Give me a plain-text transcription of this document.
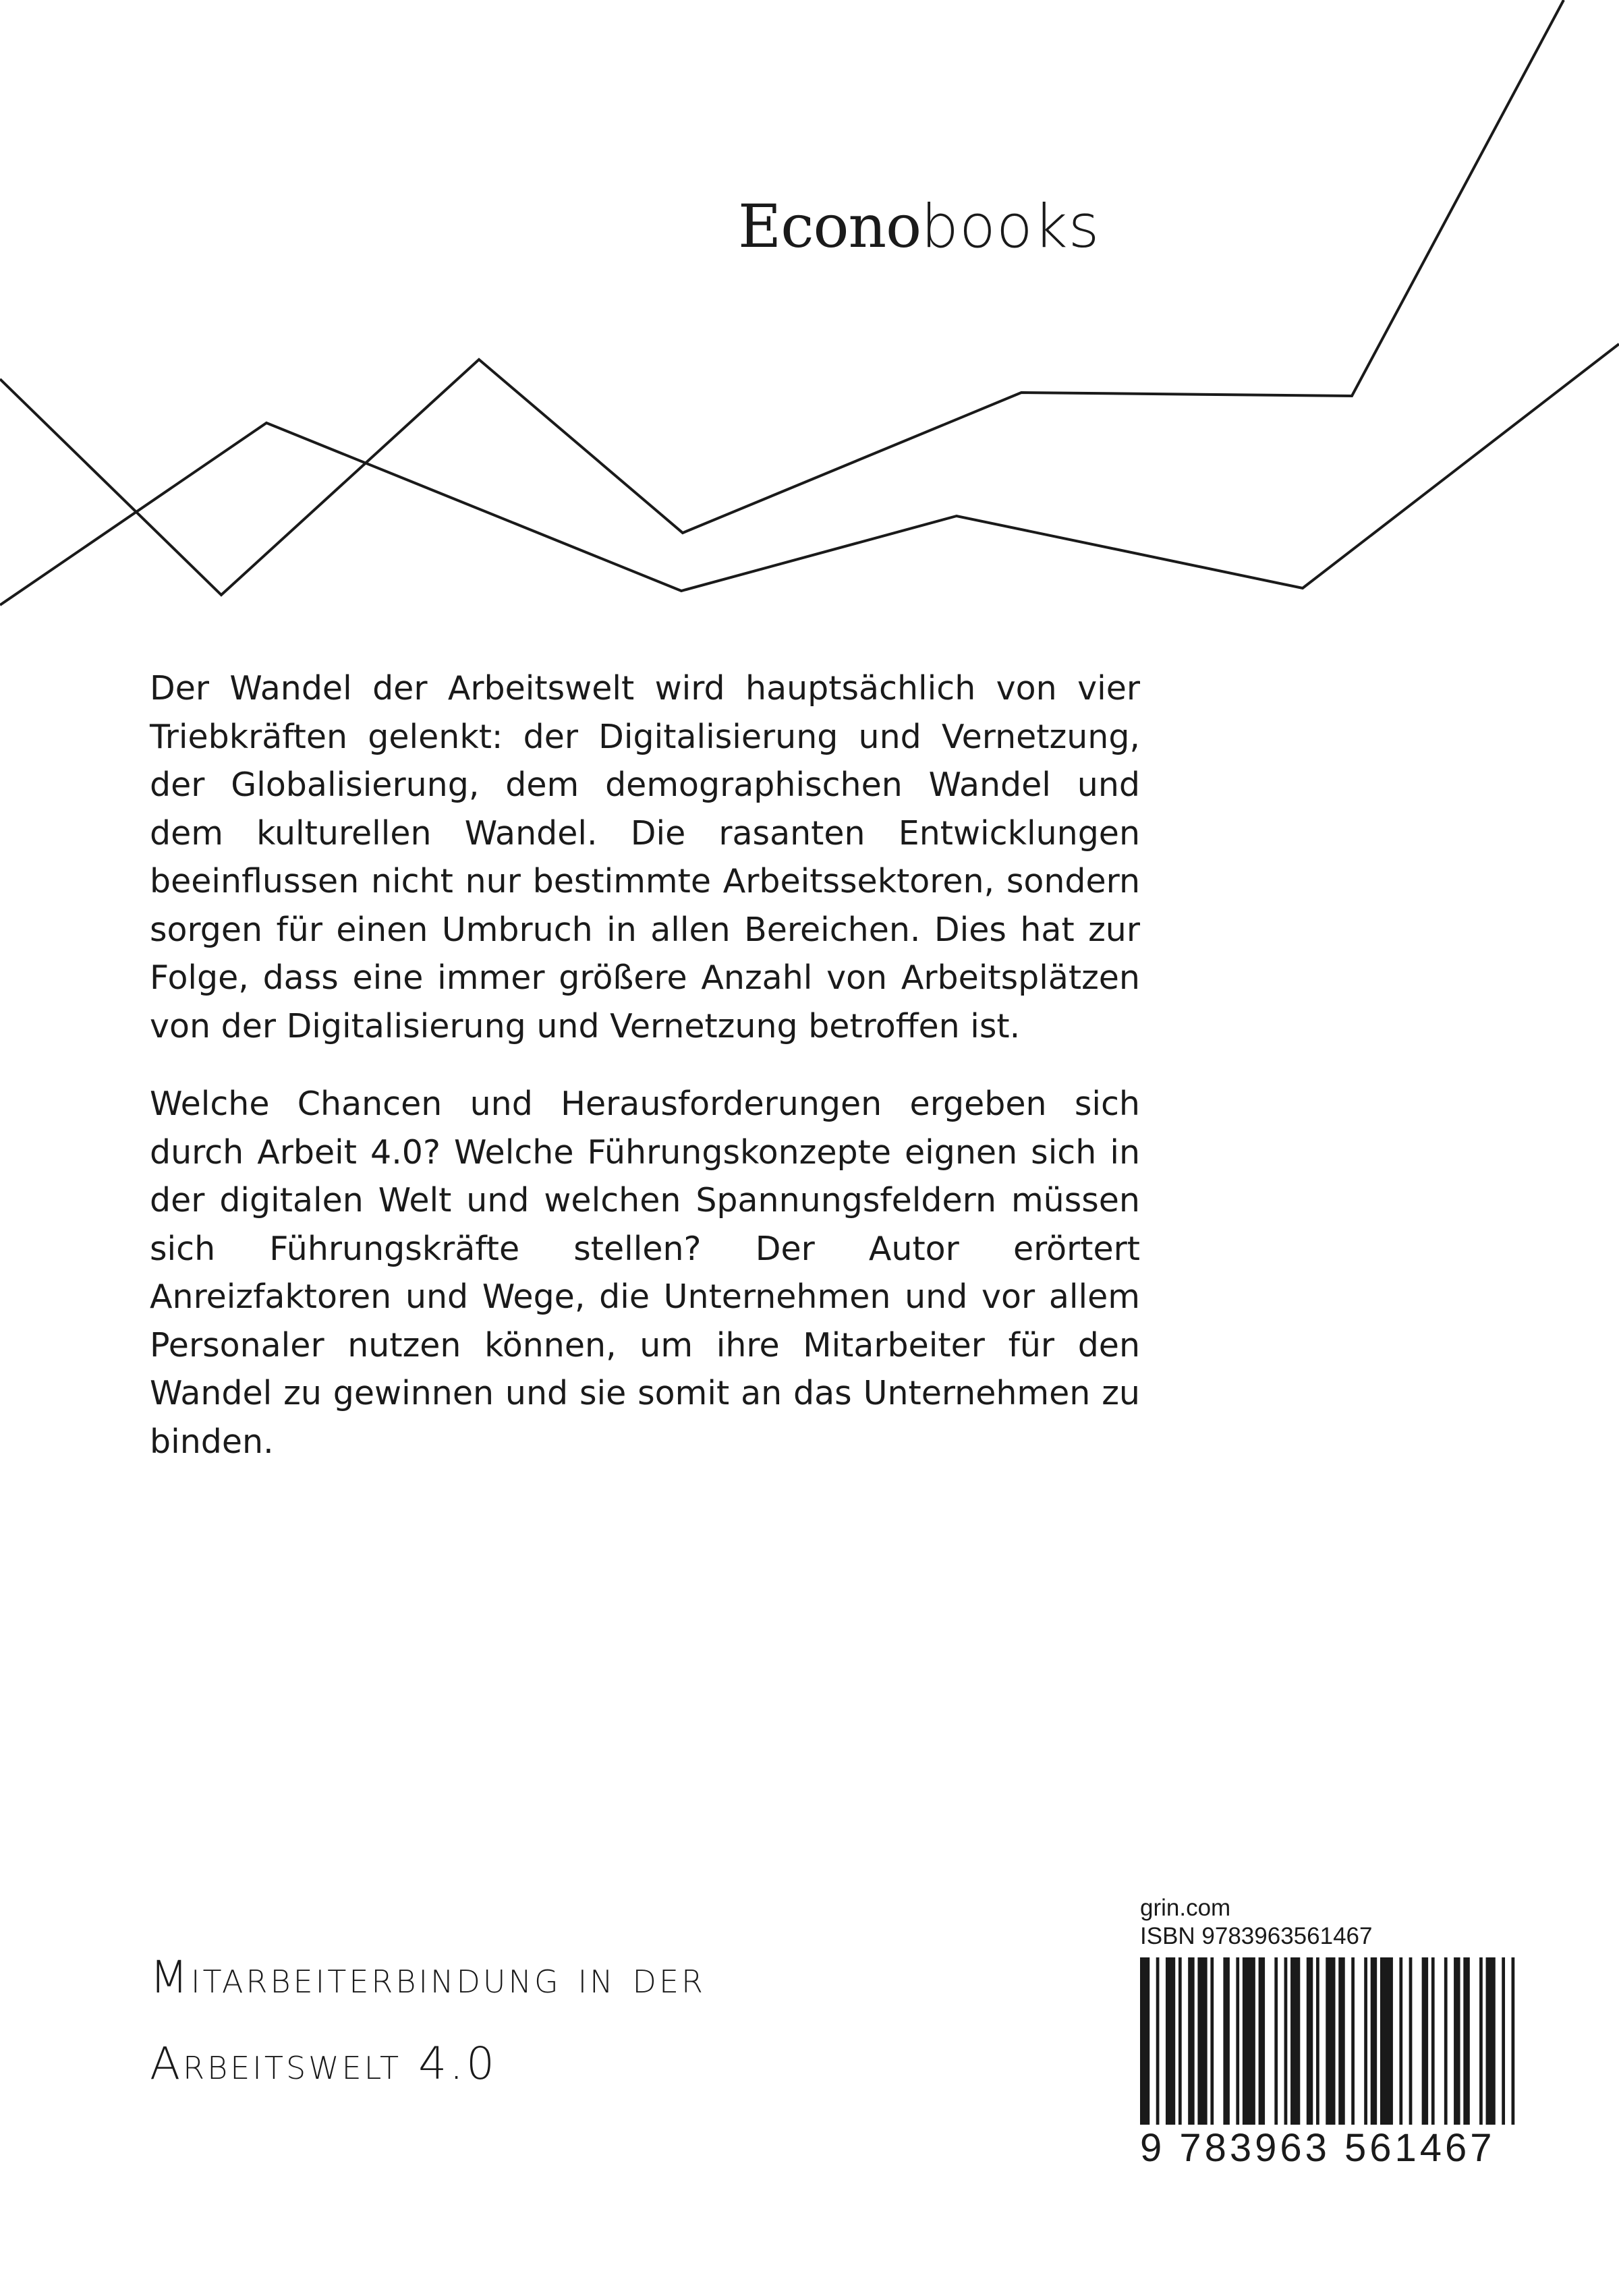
Econobooks

Der Wandel der Arbeitswelt wird hauptsächlich von vier Triebkräften gelenkt: der Digitalisierung und Vernetzung, der Globalisierung, dem demographischen Wandel und dem kulturellen Wandel. Die rasanten Entwicklungen beeinflussen nicht nur bestimmte Arbeitssektoren, sondern sorgen für einen Umbruch in allen Bereichen. Dies hat zur Folge, dass eine immer größere Anzahl von Arbeitsplätzen von der Digitalisierung und Vernetzung betroffen ist.

Welche Chancen und Herausforderungen ergeben sich durch Arbeit 4.0? Welche Führungskonzepte eignen sich in der digitalen Welt und welchen Spannungsfeldern müssen sich Führungskräfte stellen? Der Autor erörtert Anreizfaktoren und Wege, die Unternehmen und vor allem Personaler nutzen können, um ihre Mitarbeiter für den Wandel zu gewinnen und sie somit an das Unternehmen zu binden.

Mitarbeiterbindung in der
Arbeitswelt 4.0
grin.com
ISBN 9783963561467
9 783963 561467
